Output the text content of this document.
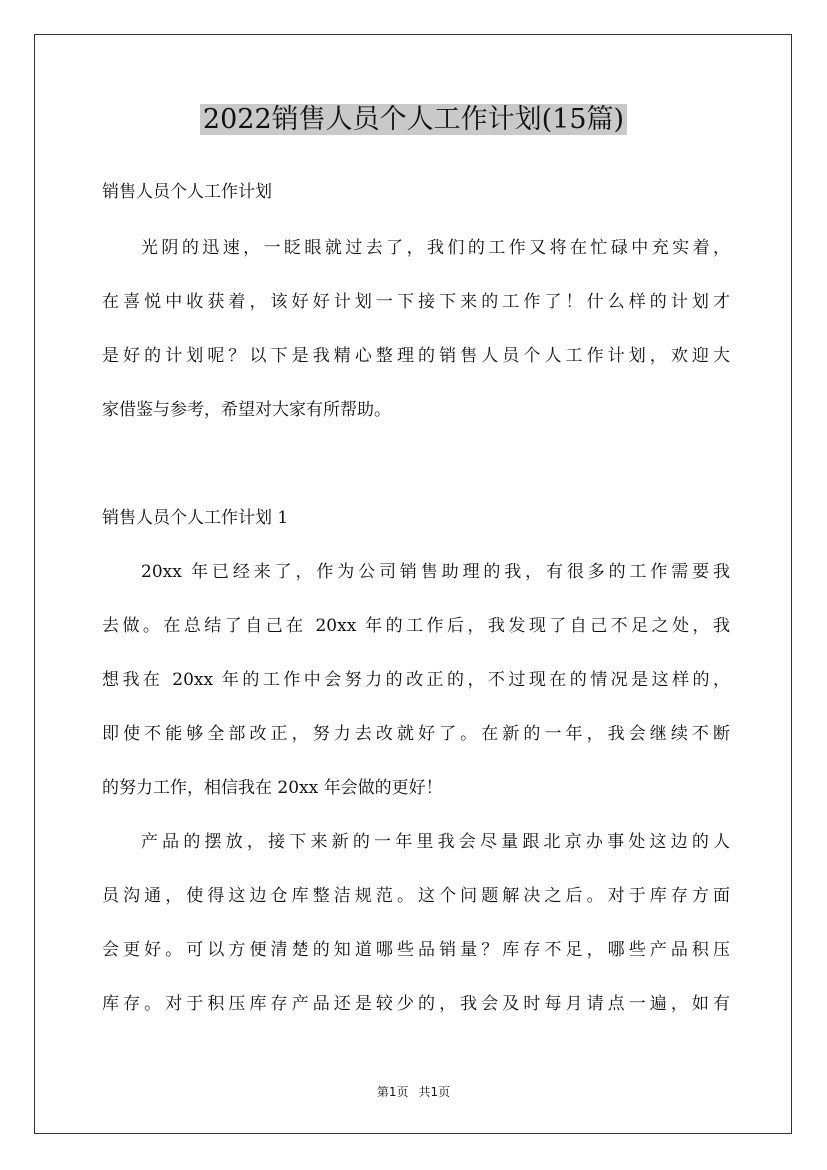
2022销售人员个人工作计划(15篇)

销售人员个人工作计划

光阴的迅速，一眨眼就过去了，我们的工作又将在忙碌中充实着，

在喜悦中收获着，该好好计划一下接下来的工作了！什么样的计划才

是好的计划呢？以下是我精心整理的销售人员个人工作计划，欢迎大

家借鉴与参考，希望对大家有所帮助。

销售人员个人工作计划 1

20xx 年已经来了，作为公司销售助理的我，有很多的工作需要我

去做。在总结了自己在 20xx 年的工作后，我发现了自己不足之处，我

想我在 20xx 年的工作中会努力的改正的，不过现在的情况是这样的，

即使不能够全部改正，努力去改就好了。在新的一年，我会继续不断

的努力工作，相信我在 20xx 年会做的更好！

产品的摆放，接下来新的一年里我会尽量跟北京办事处这边的人

员沟通，使得这边仓库整洁规范。这个问题解决之后。对于库存方面

会更好。可以方便清楚的知道哪些品销量？库存不足，哪些产品积压

库存。对于积压库存产品还是较少的，我会及时每月请点一遍，如有

第1页 共1页
